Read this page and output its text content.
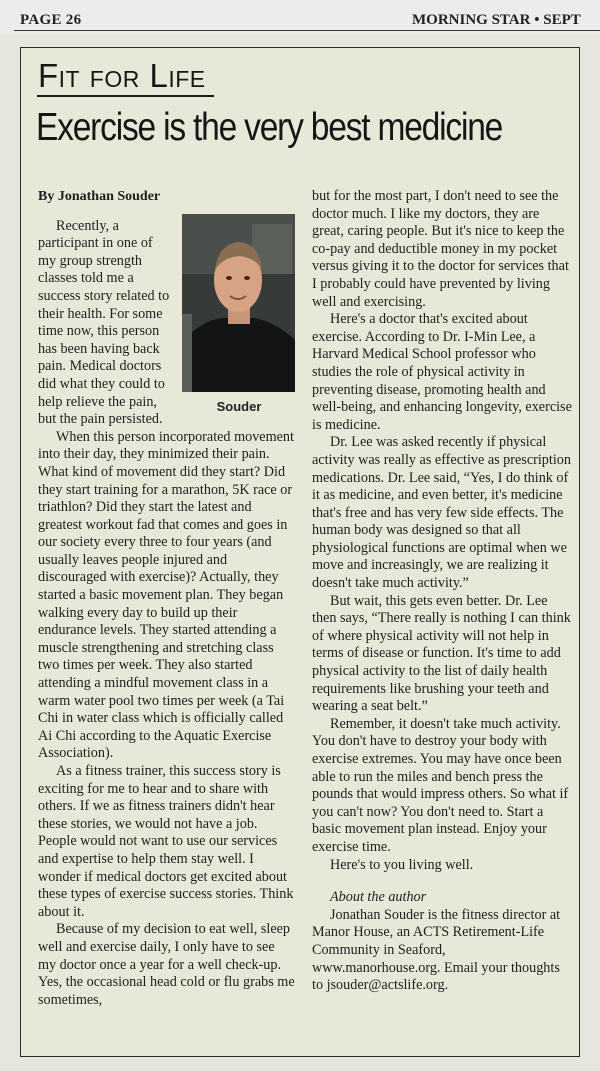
PAGE 26	MORNING STAR • SEPT
Fit for Life
Exercise is the very best medicine

By Jonathan Souder

Souder

Recently, a participant in one of my group strength classes told me a success story related to their health. For some time now, this person has been having back pain. Medical doctors did what they could to help relieve the pain, but the pain persisted.

When this person incorporated movement into their day, they minimized their pain. What kind of movement did they start? Did they start training for a marathon, 5K race or triathlon? Did they start the latest and greatest workout fad that comes and goes in our society every three to four years (and usually leaves people injured and discouraged with exercise)? Actually, they started a basic movement plan. They began walking every day to build up their endurance levels. They started attending a muscle strengthening and stretching class two times per week. They also started attending a mindful movement class in a warm water pool two times per week (a Tai Chi in water class which is officially called Ai Chi according to the Aquatic Exercise Association).

As a fitness trainer, this success story is exciting for me to hear and to share with others. If we as fitness trainers didn't hear these stories, we would not have a job. People would not want to use our services and expertise to help them stay well. I wonder if medical doctors get excited about these types of exercise success stories. Think about it.

Because of my decision to eat well, sleep well and exercise daily, I only have to see my doctor once a year for a well check-up. Yes, the occasional head cold or flu grabs me sometimes,

but for the most part, I don't need to see the doctor much. I like my doctors, they are great, caring people. But it's nice to keep the co-pay and deductible money in my pocket versus giving it to the doctor for services that I probably could have prevented by living well and exercising.

Here's a doctor that's excited about exercise. According to Dr. I-Min Lee, a Harvard Medical School professor who studies the role of physical activity in preventing disease, promoting health and well-being, and enhancing longevity, exercise is medicine.

Dr. Lee was asked recently if physical activity was really as effective as prescription medications. Dr. Lee said, “Yes, I do think of it as medicine, and even better, it's medicine that's free and has very few side effects. The human body was designed so that all physiological functions are optimal when we move and increasingly, we are realizing it doesn't take much activity.”

But wait, this gets even better. Dr. Lee then says, “There really is nothing I can think of where physical activity will not help in terms of disease or function. It's time to add physical activity to the list of daily health requirements like brushing your teeth and wearing a seat belt.”

Remember, it doesn't take much activity. You don't have to destroy your body with exercise extremes. You may have once been able to run the miles and bench press the pounds that would impress others. So what if you can't now? You don't need to. Start a basic movement plan instead. Enjoy your exercise time.

Here's to you living well.

About the author

Jonathan Souder is the fitness director at Manor House, an ACTS Retirement-Life Community in Seaford, www.manorhouse.org. Email your thoughts to jsouder@actslife.org.
